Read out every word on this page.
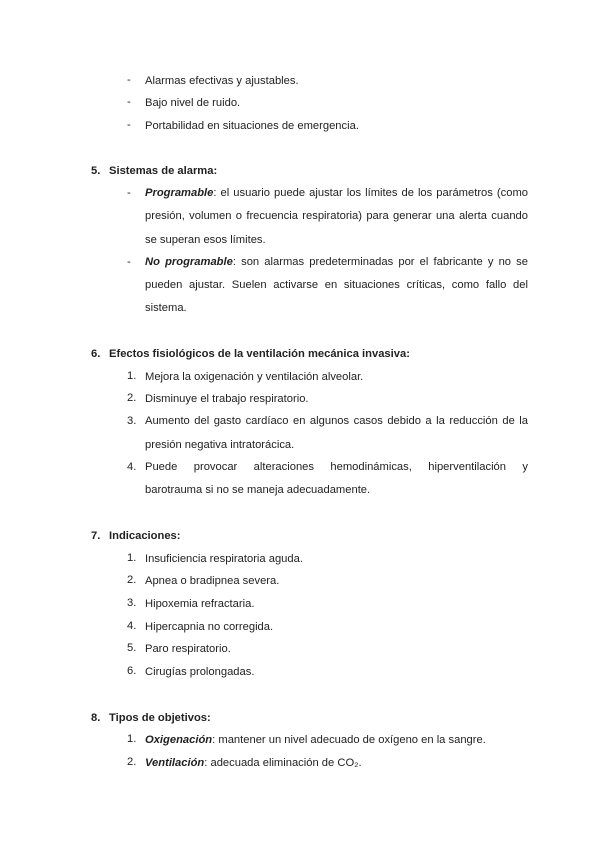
- Alarmas efectivas y ajustables.
- Bajo nivel de ruido.
- Portabilidad en situaciones de emergencia.
5. Sistemas de alarma:
- Programable: el usuario puede ajustar los límites de los parámetros (como
presión, volumen o frecuencia respiratoria) para generar una alerta cuando
se superan esos límites.
- No programable: son alarmas predeterminadas por el fabricante y no se
pueden ajustar. Suelen activarse en situaciones críticas, como fallo del
sistema.
6. Efectos fisiológicos de la ventilación mecánica invasiva:
1. Mejora la oxigenación y ventilación alveolar.
2. Disminuye el trabajo respiratorio.
3. Aumento del gasto cardíaco en algunos casos debido a la reducción de la
presión negativa intratorácica.
4. Puede provocar alteraciones hemodinámicas, hiperventilación y
barotrauma si no se maneja adecuadamente.
7. Indicaciones:
1. Insuficiencia respiratoria aguda.
2. Apnea o bradipnea severa.
3. Hipoxemia refractaria.
4. Hipercapnia no corregida.
5. Paro respiratorio.
6. Cirugías prolongadas.
8. Tipos de objetivos:
1. Oxigenación: mantener un nivel adecuado de oxígeno en la sangre.
2. Ventilación: adecuada eliminación de CO₂.
